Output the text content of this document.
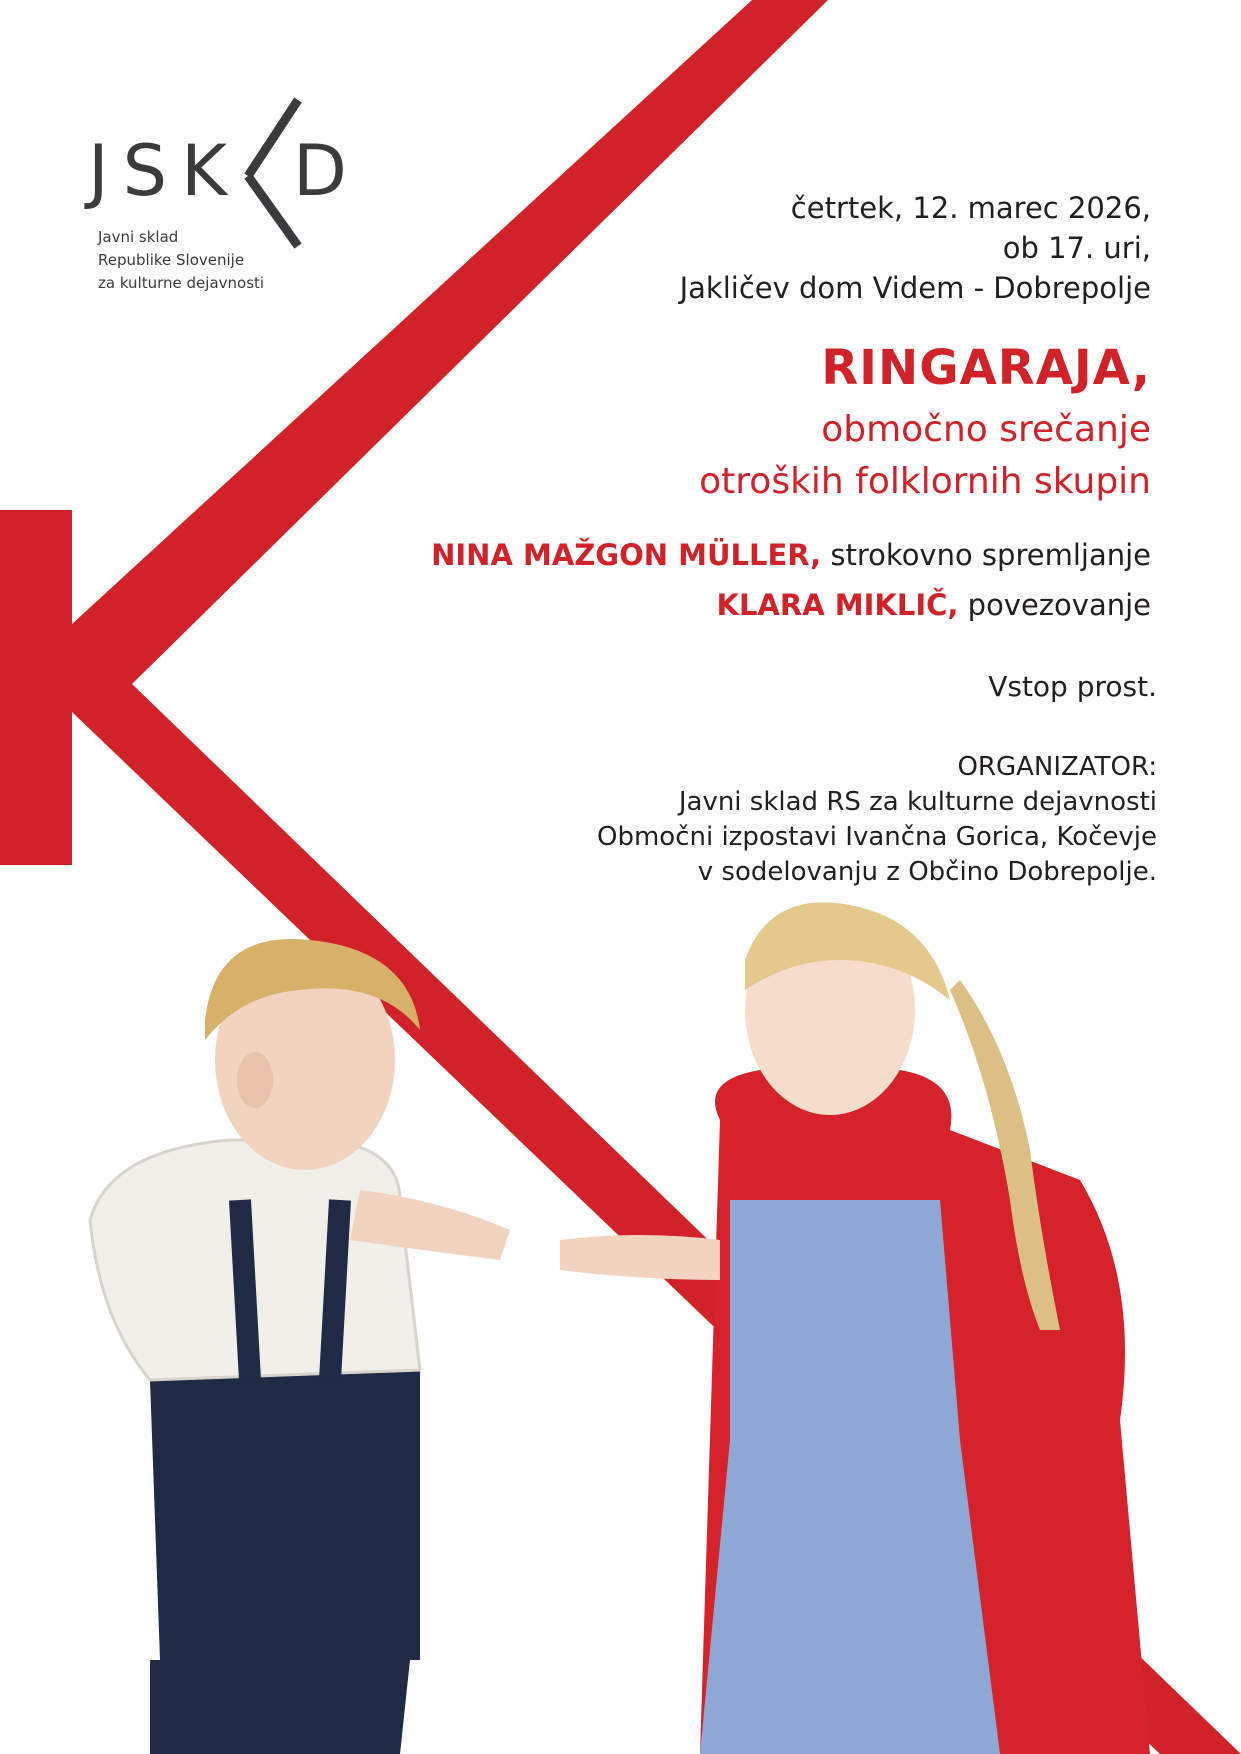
JSK D
Javni sklad
Republike Slovenije
za kulturne dejavnosti
četrtek, 12. marec 2026,
ob 17. uri,
Jakličev dom Videm - Dobrepolje
RINGARAJA,
območno srečanje
otroških folklornih skupin
NINA MAŽGON MÜLLER, strokovno spremljanje
KLARA MIKLIČ, povezovanje
Vstop prost.
ORGANIZATOR:
Javni sklad RS za kulturne dejavnosti
Območni izpostavi Ivančna Gorica, Kočevje
v sodelovanju z Občino Dobrepolje.
